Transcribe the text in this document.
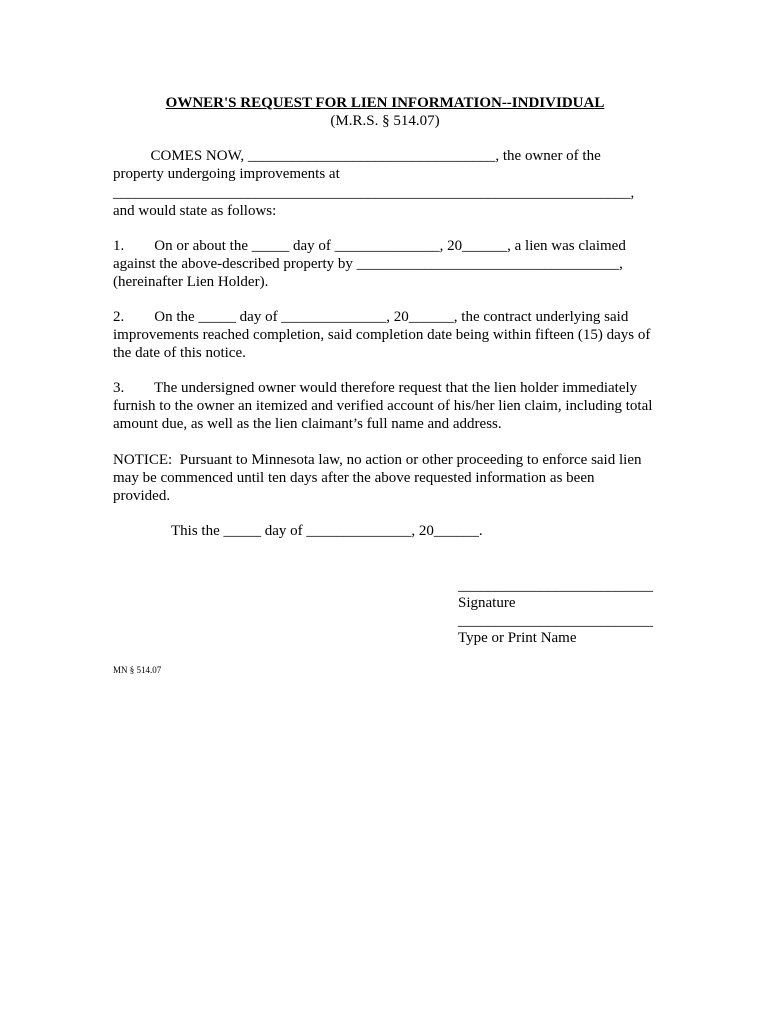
OWNER'S REQUEST FOR LIEN INFORMATION--INDIVIDUAL
(M.R.S. § 514.07)
COMES NOW, _________________________________, the owner of the
property undergoing improvements at
_____________________________________________________________________,
and would state as follows:
1.        On or about the _____ day of ______________, 20______, a lien was claimed
against the above-described property by ___________________________________,
(hereinafter Lien Holder).
2.        On the _____ day of ______________, 20______, the contract underlying said
improvements reached completion, said completion date being within fifteen (15) days of
the date of this notice.
3.        The undersigned owner would therefore request that the lien holder immediately
furnish to the owner an itemized and verified account of his/her lien claim, including total
amount due, as well as the lien claimant’s full name and address.
NOTICE:  Pursuant to Minnesota law, no action or other proceeding to enforce said lien
may be commenced until ten days after the above requested information as been
provided.
This the _____ day of ______________, 20______.
__________________________
Signature
__________________________
Type or Print Name
MN § 514.07
